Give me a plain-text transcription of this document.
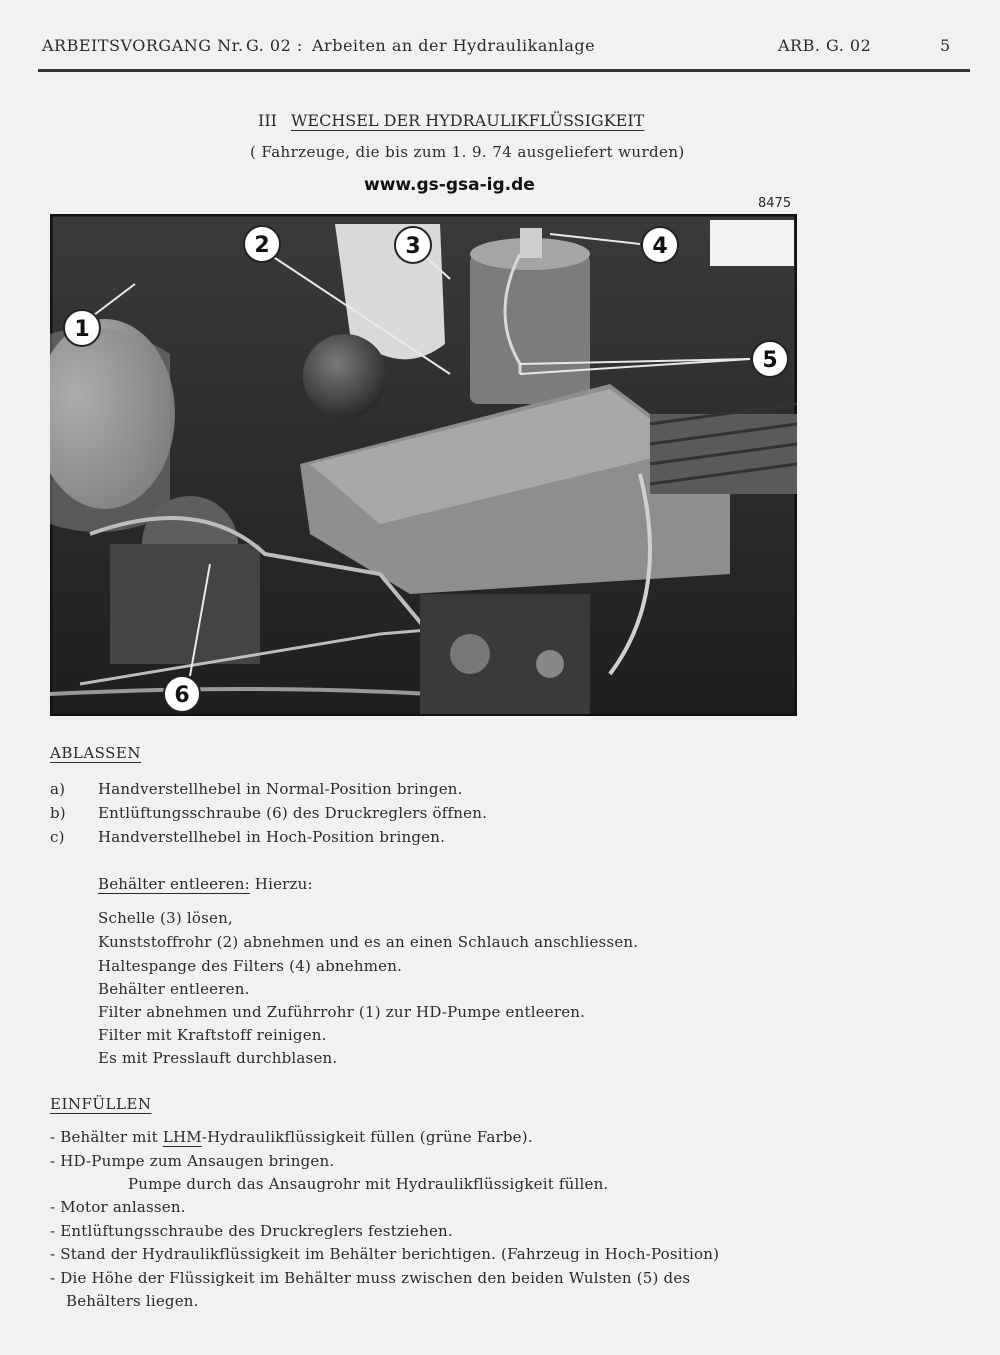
ARBEITSVORGANG Nr. G. 02 : Arbeiten an der Hydraulikanlage	ARB. G. 02	5
III WECHSEL DER HYDRAULIKFLÜSSIGKEIT
( Fahrzeuge, die bis zum 1. 9. 74 ausgeliefert wurden)
www.gs-gsa-ig.de
8475
1
2	3	4
5
6
ABLASSEN
a) Handverstellhebel in Normal-Position bringen.
b) Entlüftungsschraube (6) des Druckreglers öffnen.
c) Handverstellhebel in Hoch-Position bringen.
Behälter entleeren: Hierzu:
Schelle (3) lösen,
Kunststoffrohr (2) abnehmen und es an einen Schlauch anschliessen.
Haltespange des Filters (4) abnehmen.
Behälter entleeren.
Filter abnehmen und Zuführrohr (1) zur HD-Pumpe entleeren.
Filter mit Kraftstoff reinigen.
Es mit Presslauft durchblasen.
EINFÜLLEN
- Behälter mit LHM-Hydraulikflüssigkeit füllen (grüne Farbe).
- HD-Pumpe zum Ansaugen bringen.
Pumpe durch das Ansaugrohr mit Hydraulikflüssigkeit füllen.
- Motor anlassen.
- Entlüftungsschraube des Druckreglers festziehen.
- Stand der Hydraulikflüssigkeit im Behälter berichtigen. (Fahrzeug in Hoch-Position)
- Die Höhe der Flüssigkeit im Behälter muss zwischen den beiden Wulsten (5) des
Behälters liegen.
